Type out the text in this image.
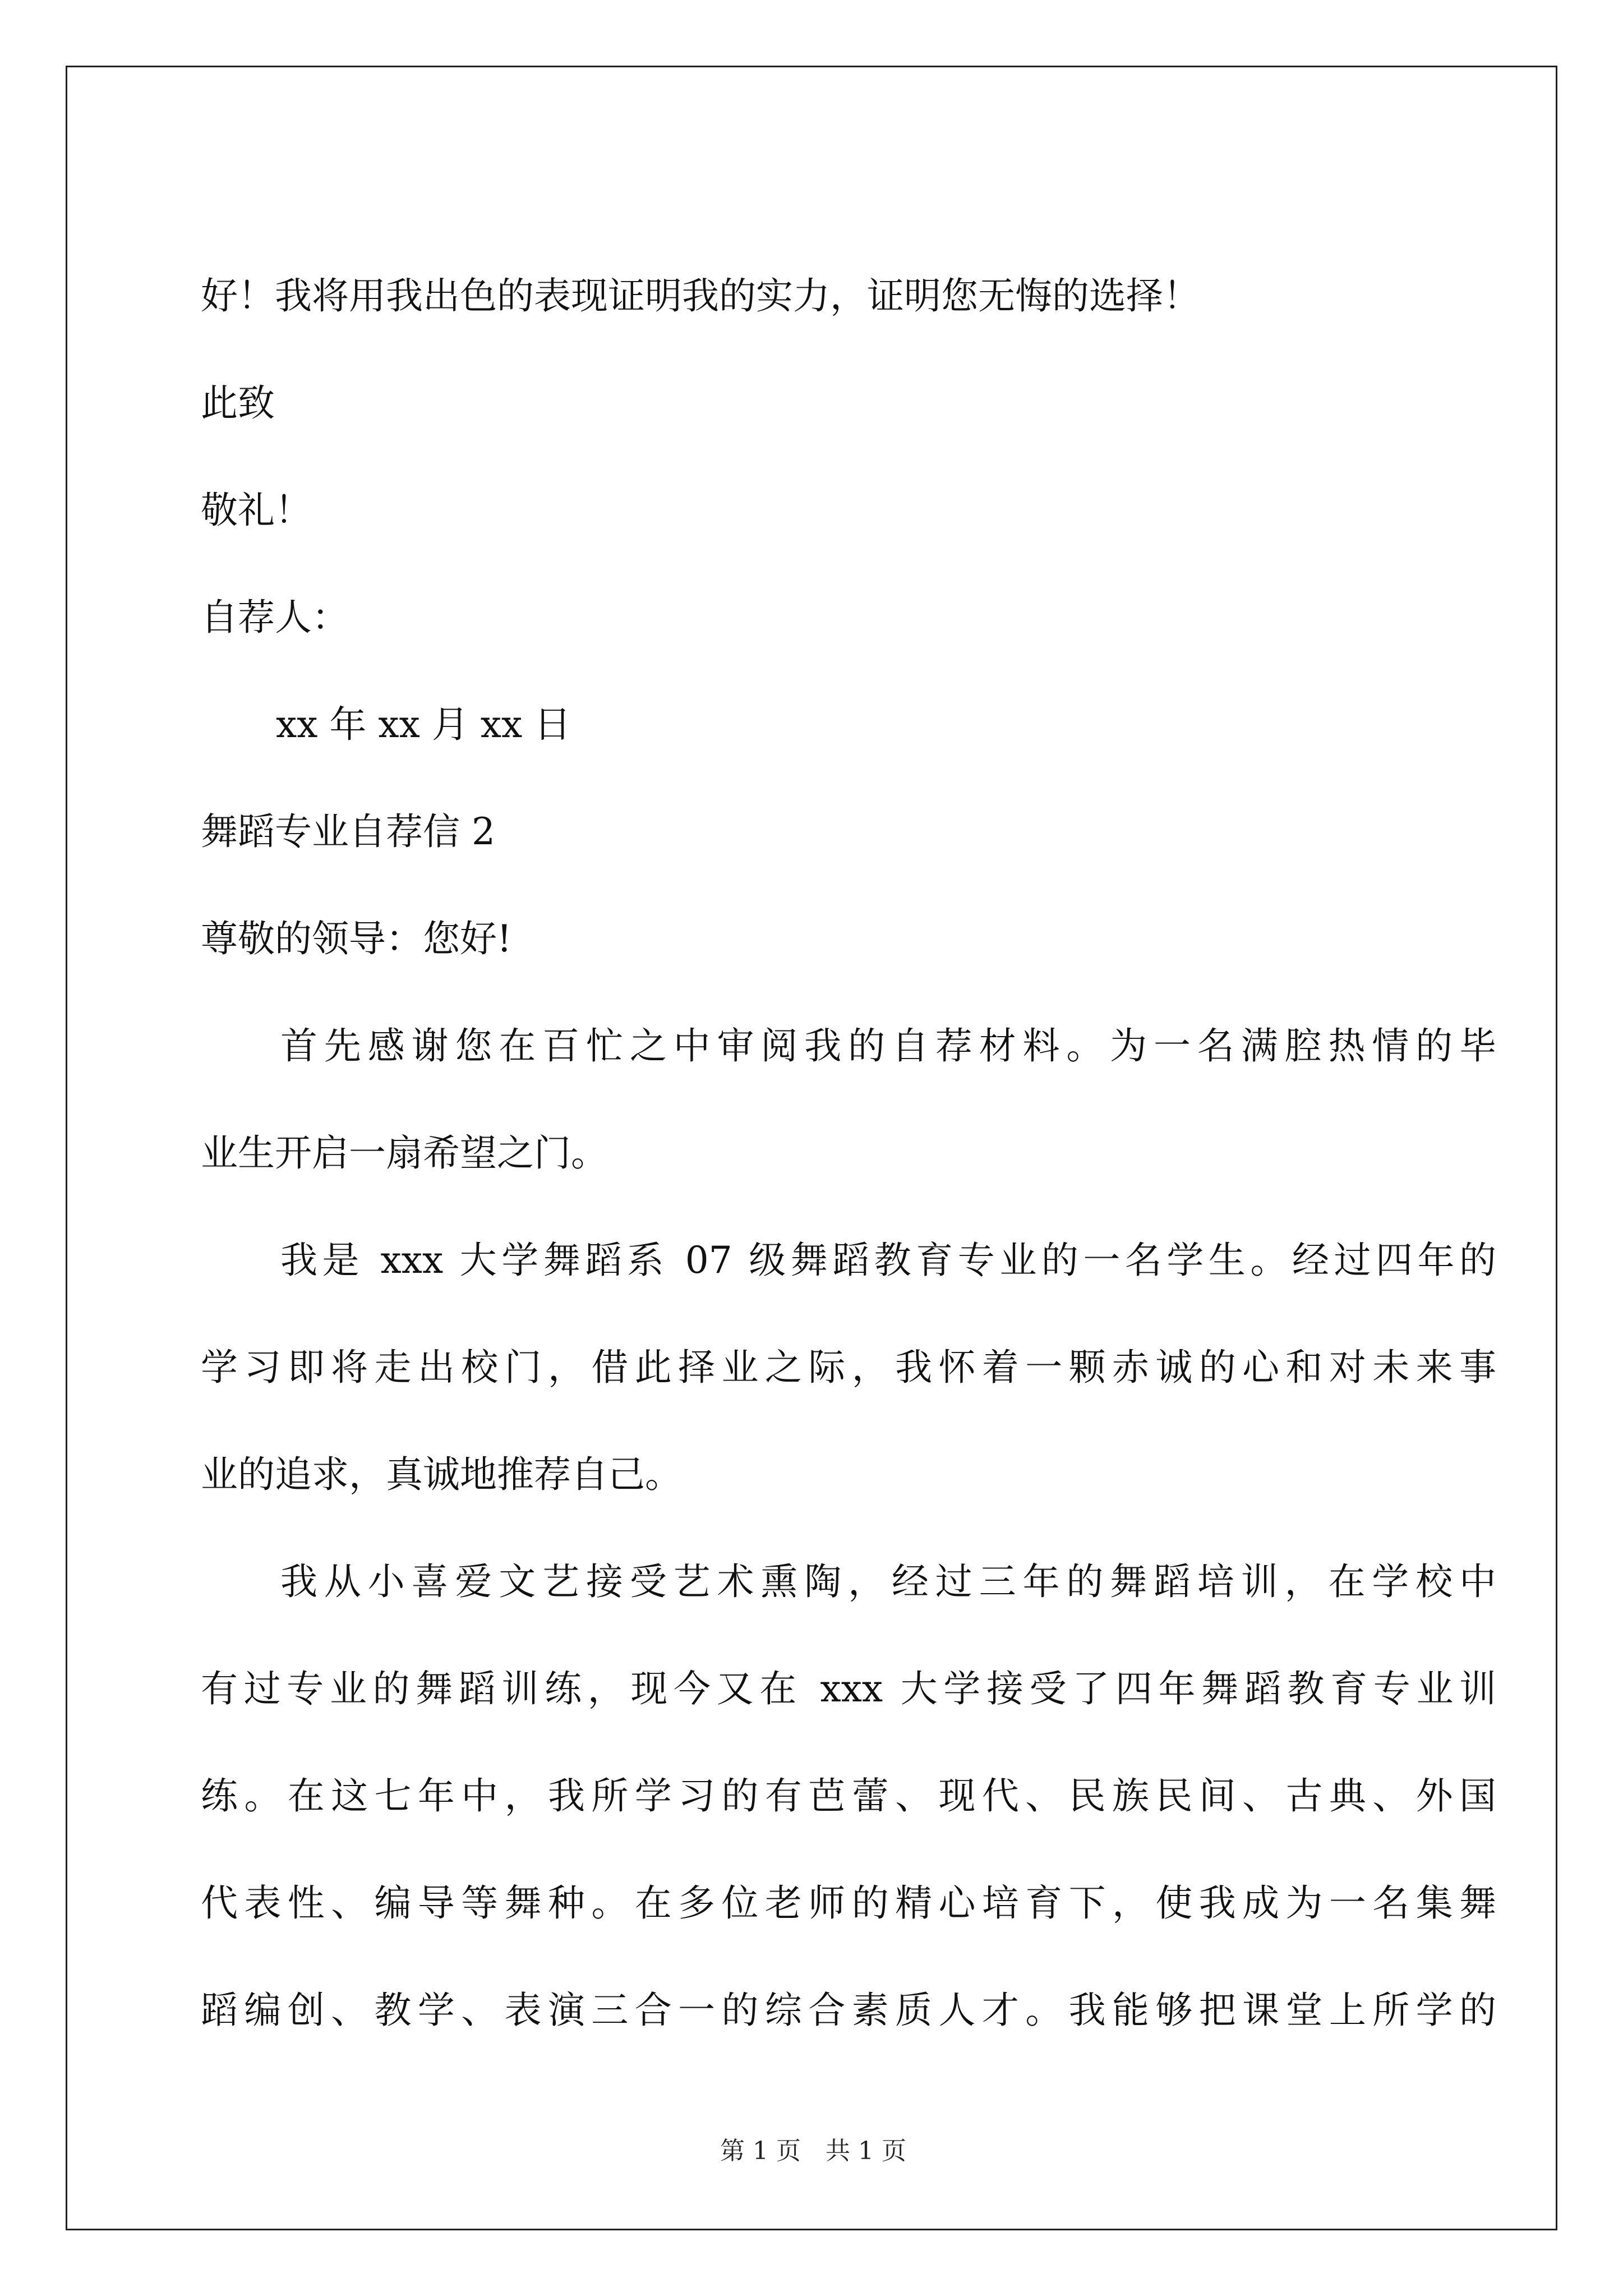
好！我将用我出色的表现证明我的实力，证明您无悔的选择！
此致
敬礼！
自荐人：
xx 年 xx 月 xx 日
舞蹈专业自荐信 2
尊敬的领导：您好!
首先感谢您在百忙之中审阅我的自荐材料。为一名满腔热情的毕
业生开启一扇希望之门。
我是 xxx 大学舞蹈系 07 级舞蹈教育专业的一名学生。经过四年的
学习即将走出校门，借此择业之际，我怀着一颗赤诚的心和对未来事
业的追求，真诚地推荐自己。
我从小喜爱文艺接受艺术熏陶，经过三年的舞蹈培训，在学校中
有过专业的舞蹈训练，现今又在 xxx 大学接受了四年舞蹈教育专业训
练。在这七年中，我所学习的有芭蕾、现代、民族民间、古典、外国
代表性、编导等舞种。在多位老师的精心培育下，使我成为一名集舞
蹈编创、教学、表演三合一的综合素质人才。我能够把课堂上所学的
第 1 页　共 1 页
